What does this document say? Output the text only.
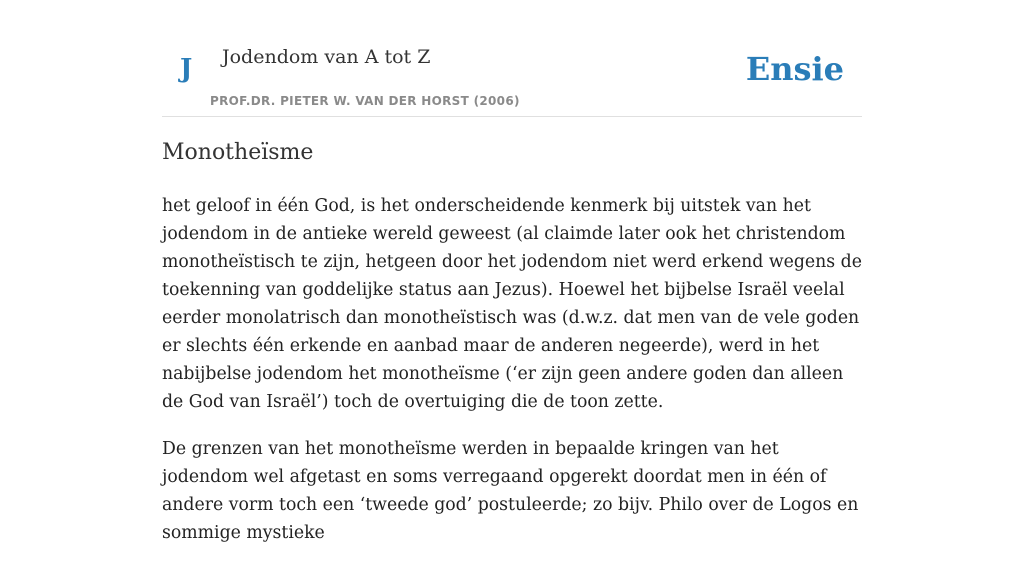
J Jodendom van A tot Z
PROF.DR. PIETER W. VAN DER HORST (2006)
Ensie
Monotheïsme

het geloof in één God, is het onderscheidende kenmerk bij uitstek van het jodendom in de antieke wereld geweest (al claimde later ook het christendom monotheïstisch te zijn, hetgeen door het jodendom niet werd erkend wegens de toekenning van goddelijke status aan Jezus). Hoewel het bijbelse Israël veelal eerder monolatrisch dan monotheïstisch was (d.w.z. dat men van de vele goden er slechts één erkende en aanbad maar de anderen negeerde), werd in het nabijbelse jodendom het monotheïsme (‘er zijn geen andere goden dan alleen de God van Israël’) toch de overtuiging die de toon zette.

De grenzen van het monotheïsme werden in bepaalde kringen van het jodendom wel afgetast en soms verregaand opgerekt doordat men in één of andere vorm toch een ‘tweede god’ postuleerde; zo bijv. Philo over de Logos en sommige mystieke
